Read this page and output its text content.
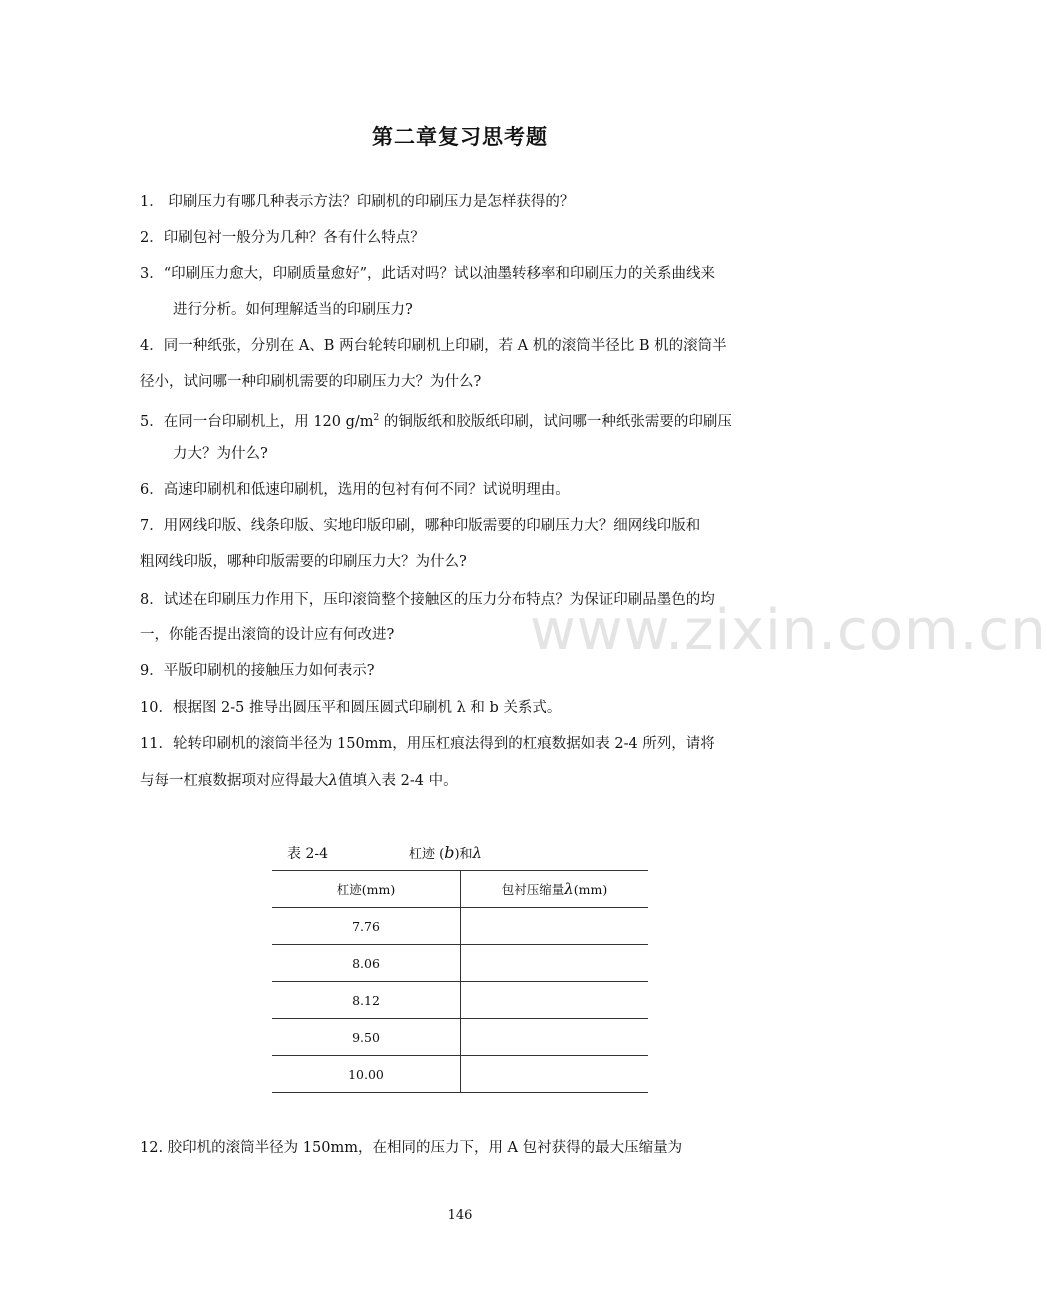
第二章复习思考题
1． 印刷压力有哪几种表示方法？印刷机的印刷压力是怎样获得的？
2．印刷包衬一般分为几种？各有什么特点？
3．“印刷压力愈大，印刷质量愈好”，此话对吗？试以油墨转移率和印刷压力的关系曲线来
进行分析。如何理解适当的印刷压力?
4．同一种纸张，分别在 A、B 两台轮转印刷机上印刷，若 A 机的滚筒半径比 B 机的滚筒半
径小，试问哪一种印刷机需要的印刷压力大？为什么?
5．在同一台印刷机上，用 120 $g/m^2$ 的铜版纸和胶版纸印刷，试问哪一种纸张需要的印刷压
力大？为什么?
6．高速印刷机和低速印刷机，选用的包衬有何不同？试说明理由。
7．用网线印版、线条印版、实地印版印刷，哪种印版需要的印刷压力大？细网线印版和
粗网线印版，哪种印版需要的印刷压力大？为什么?
8．试述在印刷压力作用下，压印滚筒整个接触区的压力分布特点？为保证印刷品墨色的均
一，你能否提出滚筒的设计应有何改进?
9．平版印刷机的接触压力如何表示?
10．根据图 2-5 推导出圆压平和圆压圆式印刷机 λ 和 b 关系式。
11．轮转印刷机的滚筒半径为 150mm，用压杠痕法得到的杠痕数据如表 2-4 所列，请将
与每一杠痕数据项对应得最大λ值填入表 2-4 中。
www.zixin.com.cn
表 2-4	杠迹 (b)和λ
杠迹(mm)	包衬压缩量λ(mm)
7.76	
8.06	
8.12	
9.50	
10.00	
12. 胶印机的滚筒半径为 150mm，在相同的压力下，用 A 包衬获得的最大压缩量为
146
